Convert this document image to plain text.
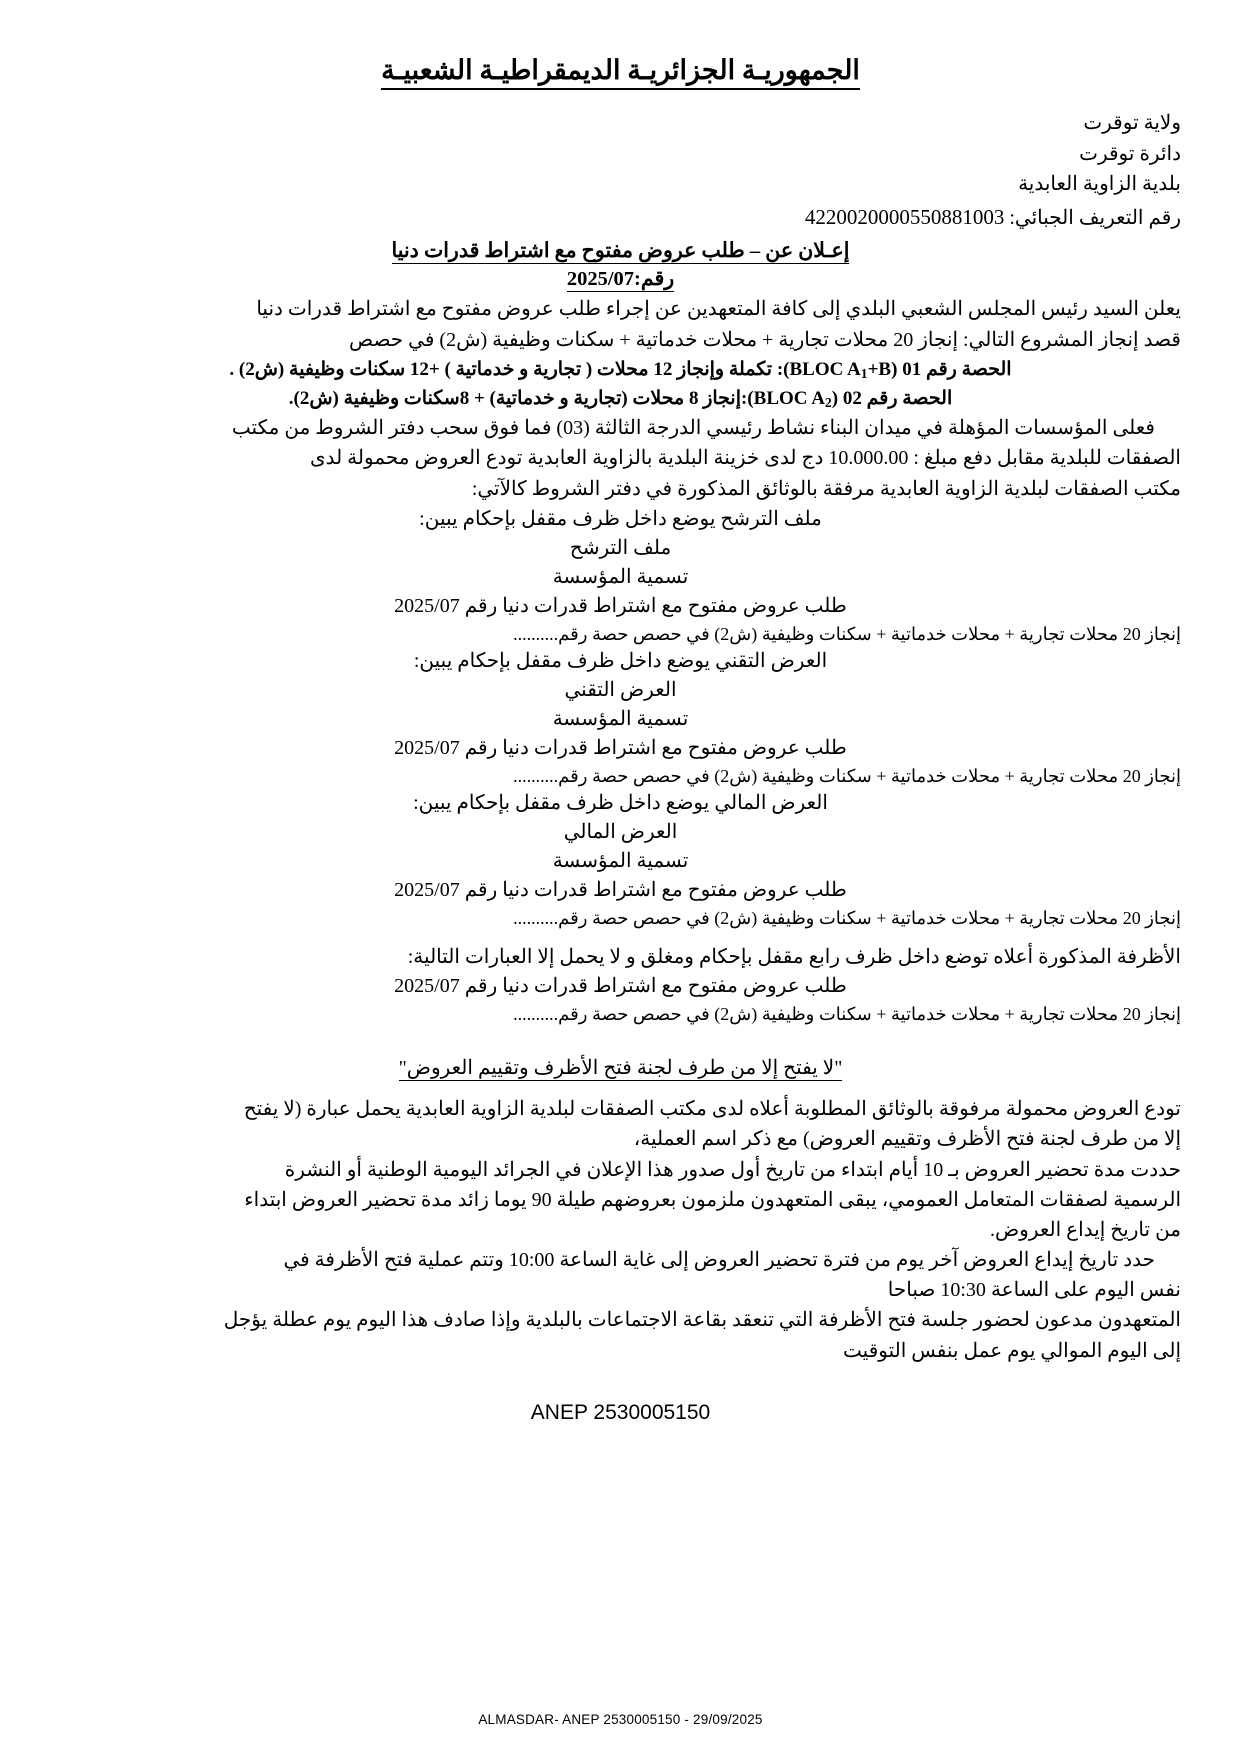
الجمهوريـة الجزائريـة الديمقراطيـة الشعبيـة
ولاية توقرت
دائرة توقرت
بلدية الزاوية العابدية
رقم التعريف الجبائي: 4220020000550881003
إعـلان عن – طلب عروض مفتوح مع اشتراط قدرات دنيا
رقم:2025/07

يعلن السيد رئيس المجلس الشعبي البلدي إلى كافة المتعهدين عن إجراء طلب عروض مفتوح مع اشتراط قدرات دنيا

قصد إنجاز المشروع التالي: إنجاز 20 محلات تجارية + محلات خدماتية + سكنات وظيفية (ش2) في حصص

الحصة رقم 01 (BLOC $A_1+B$): تكملة وإنجاز 12 محلات ( تجارية و خدماتية ) +12 سكنات وظيفية (ش2) .

الحصة رقم 02 (BLOC $A_2):إنجاز$ 8 محلات (تجارية و خدماتية) + 8سكنات وظيفية (ش2).

فعلى المؤسسات المؤهلة في ميدان البناء نشاط رئيسي الدرجة الثالثة (03) فما فوق سحب دفتر الشروط من مكتب

الصفقات للبلدية مقابل دفع مبلغ : 10.000.00 دج لدى خزينة البلدية بالزاوية العابدية تودع العروض محمولة لدى

مكتب الصفقات لبلدية الزاوية العابدية مرفقة بالوثائق المذكورة في دفتر الشروط كالآتي:

ملف الترشح يوضع داخل ظرف مقفل بإحكام يبين:

ملف الترشح

تسمية المؤسسة

طلب عروض مفتوح مع اشتراط قدرات دنيا رقم 2025/07

إنجاز 20 محلات تجارية + محلات خدماتية + سكنات وظيفية (ش2) في حصص حصة رقم..........

العرض التقني يوضع داخل ظرف مقفل بإحكام يبين:

العرض التقني

تسمية المؤسسة

طلب عروض مفتوح مع اشتراط قدرات دنيا رقم 2025/07

إنجاز 20 محلات تجارية + محلات خدماتية + سكنات وظيفية (ش2) في حصص حصة رقم..........

العرض المالي يوضع داخل ظرف مقفل بإحكام يبين:

العرض المالي

تسمية المؤسسة

طلب عروض مفتوح مع اشتراط قدرات دنيا رقم 2025/07

إنجاز 20 محلات تجارية + محلات خدماتية + سكنات وظيفية (ش2) في حصص حصة رقم..........

الأظرفة المذكورة أعلاه توضع داخل ظرف رابع مقفل بإحكام ومغلق و لا يحمل إلا العبارات التالية:

طلب عروض مفتوح مع اشتراط قدرات دنيا رقم 2025/07

إنجاز 20 محلات تجارية + محلات خدماتية + سكنات وظيفية (ش2) في حصص حصة رقم..........

"لا يفتح إلا من طرف لجنة فتح الأظرف وتقييم العروض"

تودع العروض محمولة مرفوقة بالوثائق المطلوبة أعلاه لدى مكتب الصفقات لبلدية الزاوية العابدية يحمل عبارة (لا يفتح

إلا من طرف لجنة فتح الأظرف وتقييم العروض) مع ذكر اسم العملية،

حددت مدة تحضير العروض بـ 10 أيام ابتداء من تاريخ أول صدور هذا الإعلان في الجرائد اليومية الوطنية أو النشرة

الرسمية لصفقات المتعامل العمومي، يبقى المتعهدون ملزمون بعروضهم طيلة 90 يوما زائد مدة تحضير العروض ابتداء

من تاريخ إيداع العروض.

حدد تاريخ إيداع العروض آخر يوم من فترة تحضير العروض إلى غاية الساعة 10:00 وتتم عملية فتح الأظرفة في

نفس اليوم على الساعة 10:30 صباحا

المتعهدون مدعون لحضور جلسة فتح الأظرفة التي تنعقد بقاعة الاجتماعات بالبلدية وإذا صادف هذا اليوم يوم عطلة يؤجل

إلى اليوم الموالي يوم عمل بنفس التوقيت

ANEP 2530005150

ALMASDAR- ANEP 2530005150 - 29/09/2025
